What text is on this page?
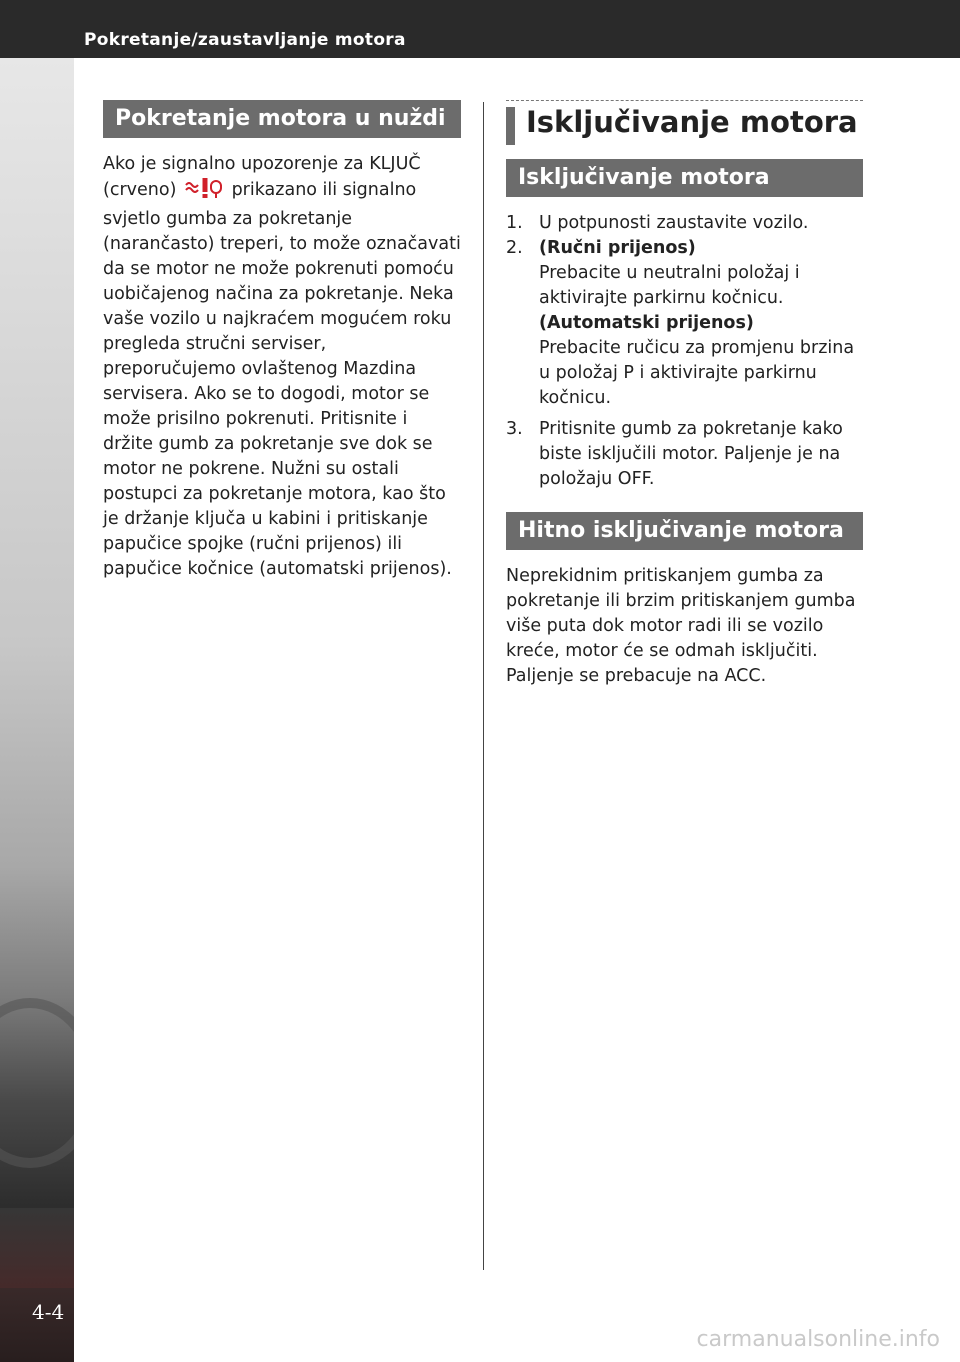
Pokretanje/zaustavljanje motora
4-4
Pokretanje motora u nuždi
Ako je signalno upozorenje za KLJUČ (crveno)	prikazano ili signalno svjetlo gumba za pokretanje (narančasto) treperi, to može označavati da se motor ne može pokrenuti pomoću uobičajenog načina za pokretanje. Neka vaše vozilo u najkraćem mogućem roku pregleda stručni serviser, preporučujemo ovlaštenog Mazdina servisera. Ako se to dogodi, motor se može prisilno pokrenuti. Pritisnite i držite gumb za pokretanje sve dok se motor ne pokrene. Nužni su ostali postupci za pokretanje motora, kao što je držanje ključa u kabini i pritiskanje papučice spojke (ručni prijenos) ili papučice kočnice (automatski prijenos).
Isključivanje motora
Isključivanje motora
1. U potpunosti zaustavite vozilo.
2. (Ručni prijenos)
Prebacite u neutralni položaj i aktivirajte parkirnu kočnicu.
(Automatski prijenos)
Prebacite ručicu za promjenu brzina u položaj P i aktivirajte parkirnu kočnicu.
3. Pritisnite gumb za pokretanje kako biste isključili motor. Paljenje je na položaju OFF.
Hitno isključivanje motora
Neprekidnim pritiskanjem gumba za pokretanje ili brzim pritiskanjem gumba više puta dok motor radi ili se vozilo kreće, motor će se odmah isključiti. Paljenje se prebacuje na ACC.
carmanualsonline.info
